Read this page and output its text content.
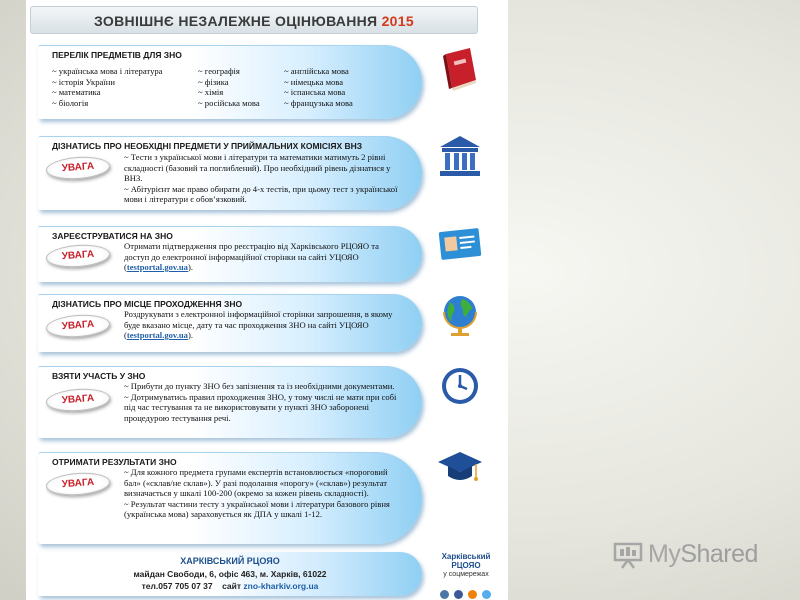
ЗОВНІШНЄ НЕЗАЛЕЖНЕ ОЦІНЮВАННЯ 2015
ПЕРЕЛІК ПРЕДМЕТІВ ДЛЯ ЗНО
~ українська мова і література
~ історія України
~ математика
~ біологія
~ географія
~ фізика
~ хімія
~ російська мова
~ англійська мова
~ німецька мова
~ іспанська мова
~ французька мова
ДІЗНАТИСЬ ПРО НЕОБХІДНІ ПРЕДМЕТИ У ПРИЙМАЛЬНИХ КОМІСІЯХ ВНЗ
УВАГА
~ Тести з української мови і літератури та математики матимуть 2 рівні складності (базовий та поглиблений). Про необхідний рівень дізнатися у ВНЗ.
~ Абітурієнт має право обирати до 4-х тестів, при цьому тест з української мови і літератури є обов’язковий.
ЗАРЕЄСТРУВАТИСЯ НА ЗНО
УВАГА
Отримати підтвердження про реєстрацію від Харківського РЦОЯО та доступ до електронної інформаційної сторінки на сайті УЦОЯО (testportal.gov.ua).
ДІЗНАТИСЬ ПРО МІСЦЕ ПРОХОДЖЕННЯ ЗНО
УВАГА
Роздрукувати з електронної інформаційної сторінки запрошення, в якому буде вказано місце, дату та час проходження ЗНО на сайті УЦОЯО (testportal.gov.ua).
ВЗЯТИ УЧАСТЬ У ЗНО
УВАГА
~ Прибути до пункту ЗНО без запізнення та із необхідними документами.
~ Дотримуватись правил проходження ЗНО, у тому числі не мати при собі під час тестування та не використовувати у пункті ЗНО заборонені процедурою тестування речі.
ОТРИМАТИ РЕЗУЛЬТАТИ ЗНО
УВАГА
~ Для кожного предмета групами експертів встановлюється «пороговий бал» («склав/не склав»). У разі подолання «порогу» («склав») результат визначається у шкалі 100-200 (окремо за кожен рівень складності).
~ Результат частини тесту з української мови і літератури базового рівня (українська мова) зараховується як ДПА у шкалі 1-12.
ХАРКІВСЬКИЙ РЦОЯО
майдан Свободи, 6, офіс 463, м. Харків, 61022
тел.057 705 07 37 сайт zno-kharkiv.org.ua
Харківський
РЦОЯО
у соцмережах

MyShared
